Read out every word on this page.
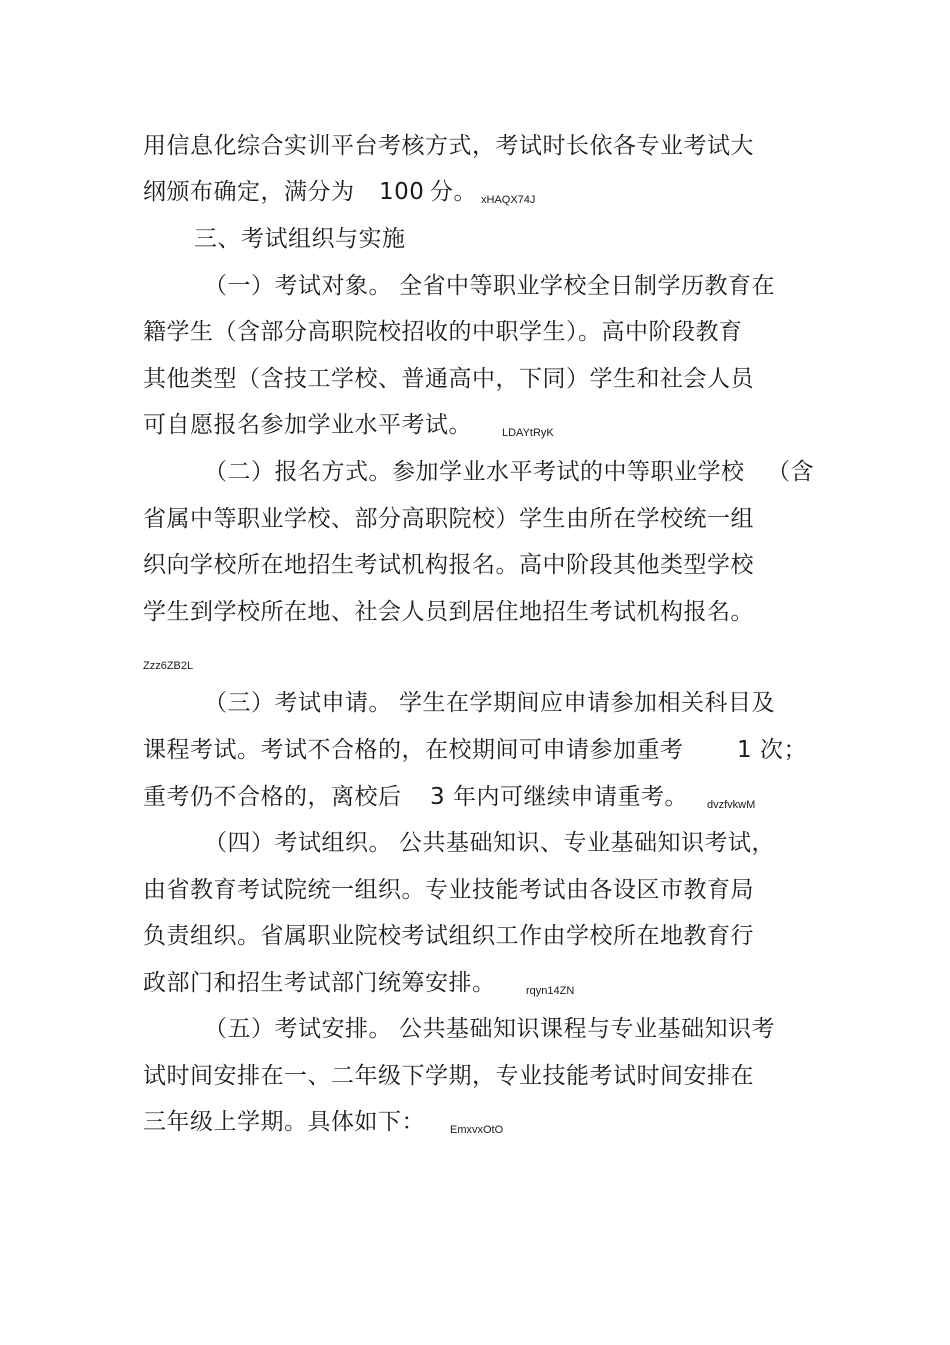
用信息化综合实训平台考核方式，考试时长依各专业考试大
纲颁布确定，满分为 100 分。 xHAQX74J
三、考试组织与实施
（一）考试对象。 全省中等职业学校全日制学历教育在
籍学生（含部分高职院校招收的中职学生）。高中阶段教育
其他类型（含技工学校、普通高中，下同）学生和社会人员
可自愿报名参加学业水平考试。	LDAYtRyK
（二）报名方式。参加学业水平考试的中等职业学校 （含
省属中等职业学校、部分高职院校）学生由所在学校统一组
织向学校所在地招生考试机构报名。高中阶段其他类型学校
学生到学校所在地、社会人员到居住地招生考试机构报名。
Zzz6ZB2L
（三）考试申请。 学生在学期间应申请参加相关科目及
课程考试。考试不合格的，在校期间可申请参加重考 1 次；
重考仍不合格的，离校后 3 年内可继续申请重考。 dvzfvkwM
（四）考试组织。 公共基础知识、专业基础知识考试，
由省教育考试院统一组织。专业技能考试由各设区市教育局
负责组织。省属职业院校考试组织工作由学校所在地教育行
政部门和招生考试部门统筹安排。	rqyn14ZN
（五）考试安排。 公共基础知识课程与专业基础知识考
试时间安排在一、二年级下学期，专业技能考试时间安排在
三年级上学期。具体如下： EmxvxOtO
